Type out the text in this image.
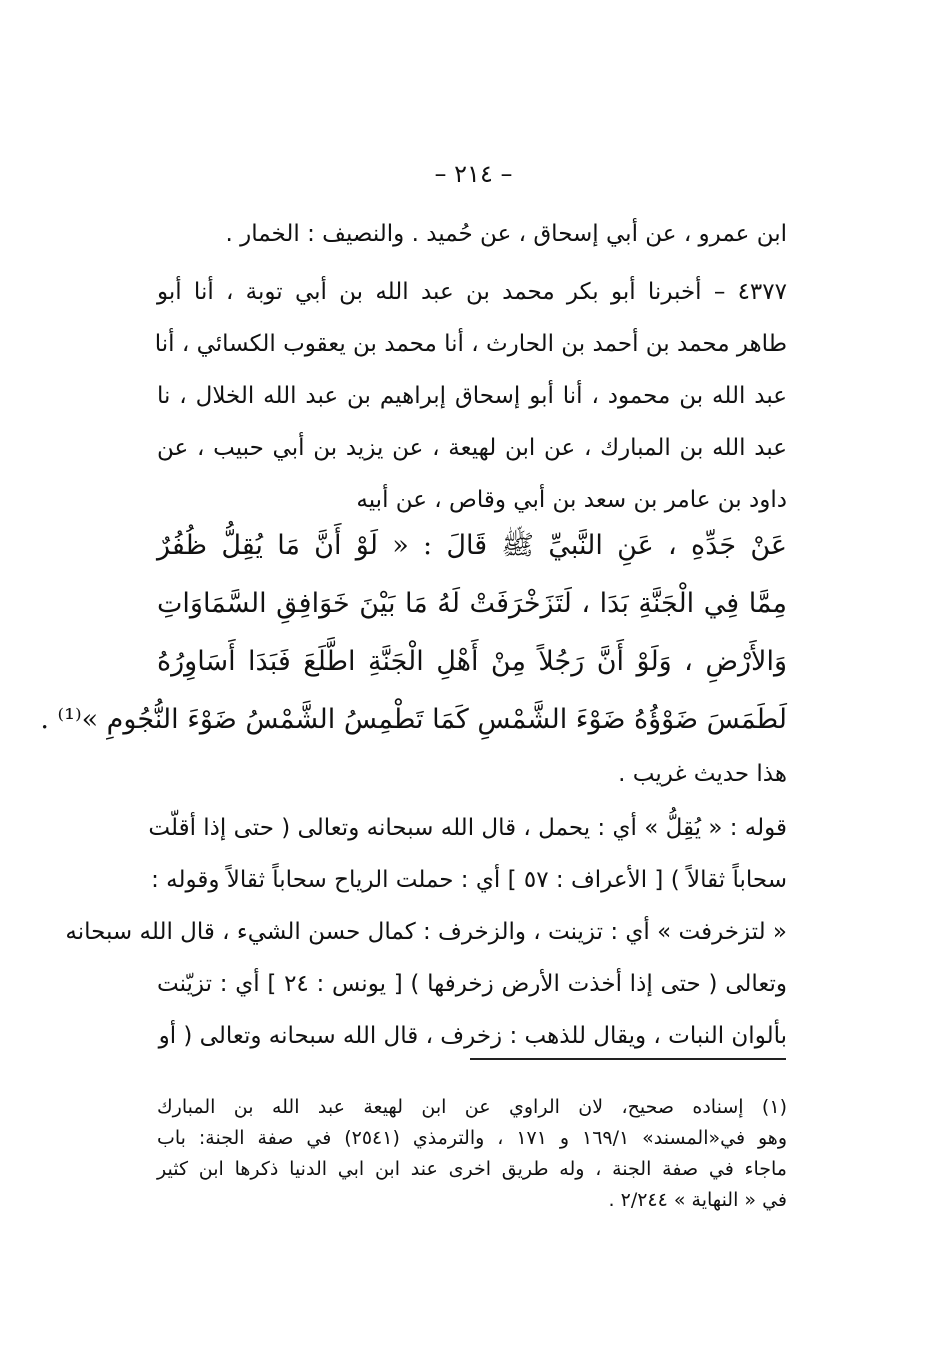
– ٢١٤ –
ابن عمرو ، عن أبي إسحاق ، عن حُميد . والنصيف : الخمار .
٤٣٧٧ – أخبرنا أبو بكر محمد بن عبد الله بن أبي توبة ، أنا أبو
طاهر محمد بن أحمد بن الحارث ، أنا محمد بن يعقوب الكسائي ، أنا
عبد الله بن محمود ، أنا أبو إسحاق إبراهيم بن عبد الله الخلال ، نا
عبد الله بن المبارك ، عن ابن لهيعة ، عن يزيد بن أبي حبيب ، عن
داود بن عامر بن سعد بن أبي وقاص ، عن أبيه
عَنْ جَدِّهِ ، عَنِ النَّبيِّ ﷺ قَالَ : « لَوْ أَنَّ مَا يُقِلُّ ظُفُرٌ
مِمَّا فِي الْجَنَّةِ بَدَا ، لَتَزَخْرَفَتْ لَهُ مَا بَيْنَ خَوَافِقِ السَّمَاوَاتِ
وَالأَرْضِ ، وَلَوْ أَنَّ رَجُلاً مِنْ أَهْلِ الْجَنَّةِ اطَّلَعَ فَبَدَا أَسَاوِرُهُ
لَطَمَسَ ضَوْؤُهُ ضَوْءَ الشَّمْسِ كَمَا تَطْمِسُ الشَّمْسُ ضَوْءَ النُّجُومِ »⁽¹⁾ .
هذا حديث غريب .
قوله : « يُقِلُّ » أي : يحمل ، قال الله سبحانه وتعالى ( حتى إذا أقلّت
سحاباً ثقالاً ) [ الأعراف : ٥٧ ] أي : حملت الرياح سحاباً ثقالاً وقوله :
« لتزخرفت » أي : تزينت ، والزخرف : كمال حسن الشيء ، قال الله سبحانه
وتعالى ( حتى إذا أخذت الأرض زخرفها ) [ يونس : ٢٤ ] أي : تزيّنت
بألوان النبات ، ويقال للذهب : زخرف ، قال الله سبحانه وتعالى ( أو
(١) إسناده صحيح، لان الراوي عن ابن لهيعة عبد الله بن المبارك
وهو في«المسند» ١٦٩/١ و ١٧١ ، والترمذي (٢٥٤١) في صفة الجنة: باب
ماجاء في صفة الجنة ، وله طريق اخرى عند ابن ابي الدنيا ذكرها ابن كثير
في « النهاية » ٢/٢٤٤ .
